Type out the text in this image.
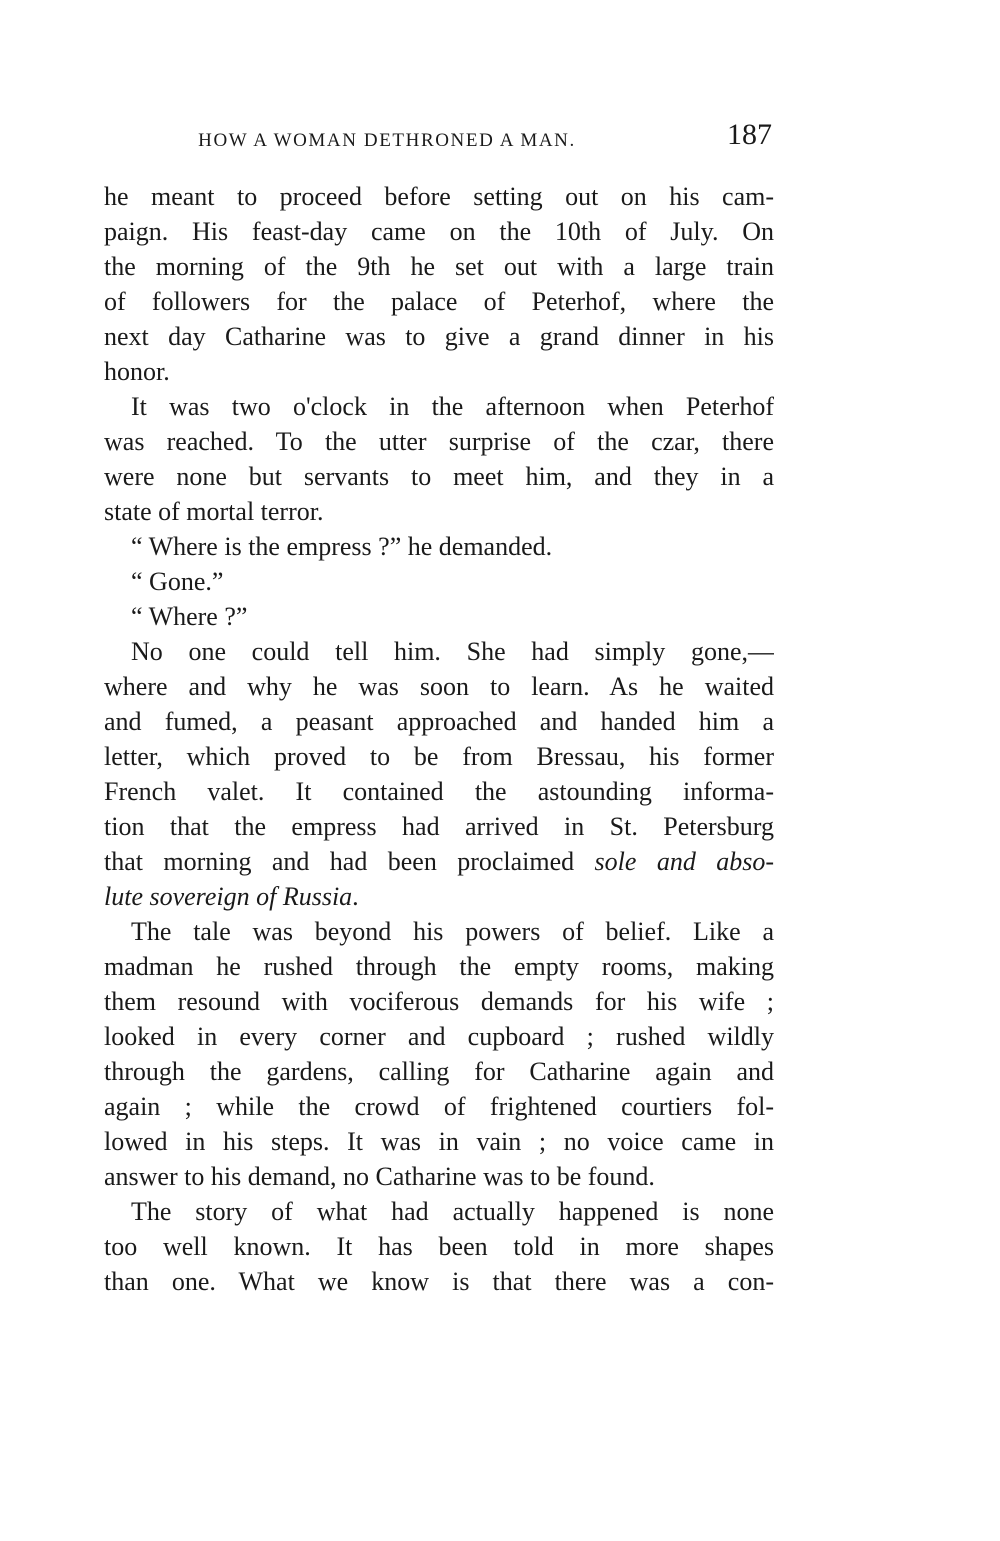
HOW A WOMAN DETHRONED A MAN.	187
he meant to proceed before setting out on his cam-
paign. His feast-day came on the 10th of July. On
the morning of the 9th he set out with a large train
of followers for the palace of Peterhof, where the
next day Catharine was to give a grand dinner in his
honor.
It was two o'clock in the afternoon when Peterhof
was reached. To the utter surprise of the czar, there
were none but servants to meet him, and they in a
state of mortal terror.
“ Where is the empress ?” he demanded.
“ Gone.”
“ Where ?”
No one could tell him. She had simply gone,—
where and why he was soon to learn. As he waited
and fumed, a peasant approached and handed him a
letter, which proved to be from Bressau, his former
French valet. It contained the astounding informa-
tion that the empress had arrived in St. Petersburg
that morning and had been proclaimed sole and abso-
lute sovereign of Russia.
The tale was beyond his powers of belief. Like a
madman he rushed through the empty rooms, making
them resound with vociferous demands for his wife ;
looked in every corner and cupboard ; rushed wildly
through the gardens, calling for Catharine again and
again ; while the crowd of frightened courtiers fol-
lowed in his steps. It was in vain ; no voice came in
answer to his demand, no Catharine was to be found.
The story of what had actually happened is none
too well known. It has been told in more shapes
than one. What we know is that there was a con-
